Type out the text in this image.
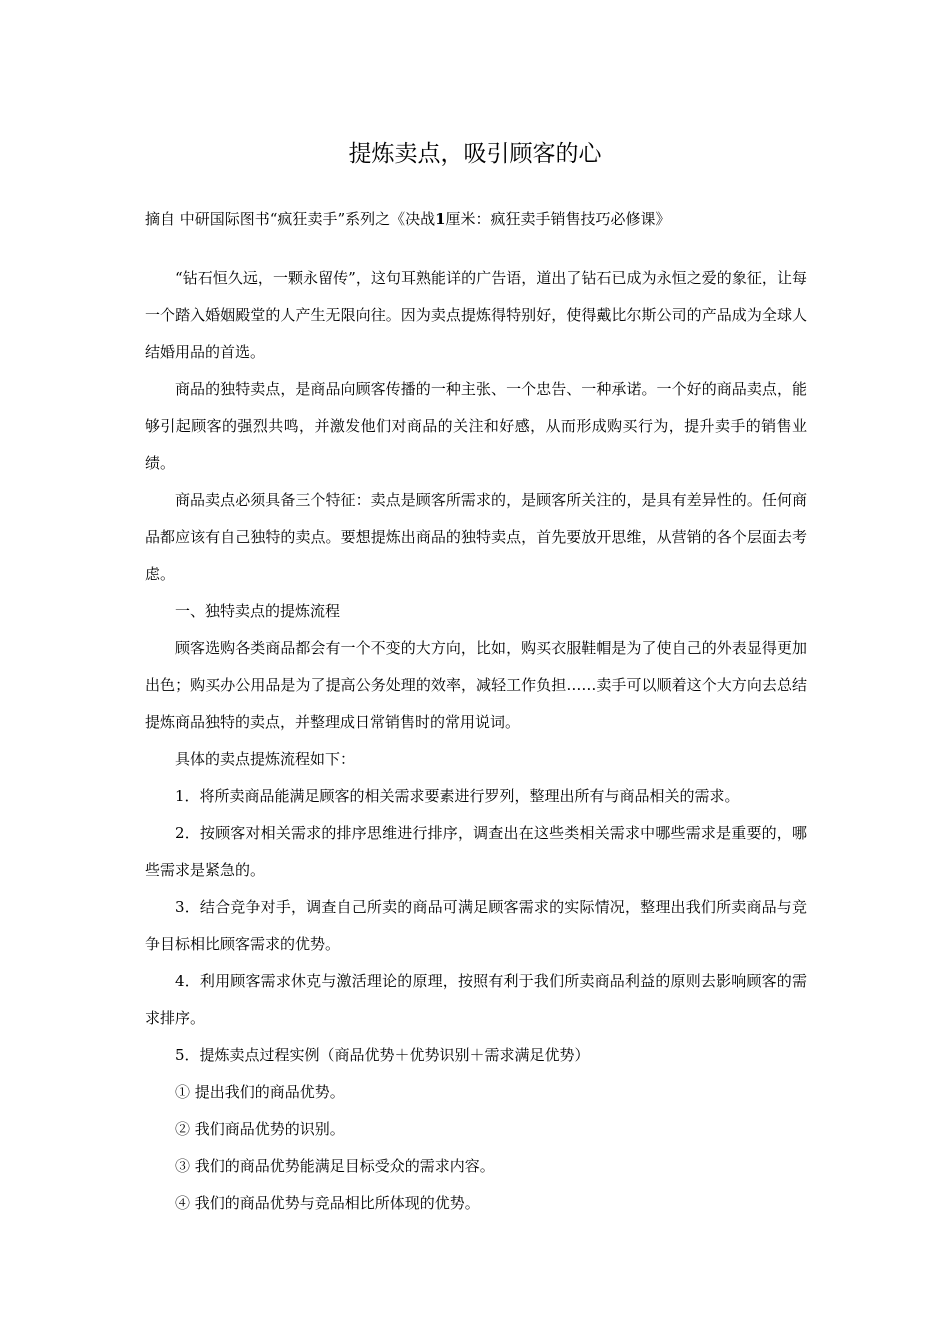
提炼卖点，吸引顾客的心
摘自 中研国际图书“疯狂卖手”系列之《决战1厘米：疯狂卖手销售技巧必修课》

“钻石恒久远，一颗永留传”，这句耳熟能详的广告语，道出了钻石已成为永恒之爱的象征，让每一个踏入婚姻殿堂的人产生无限向往。因为卖点提炼得特别好，使得戴比尔斯公司的产品成为全球人结婚用品的首选。

商品的独特卖点，是商品向顾客传播的一种主张、一个忠告、一种承诺。一个好的商品卖点，能够引起顾客的强烈共鸣，并激发他们对商品的关注和好感，从而形成购买行为，提升卖手的销售业绩。

商品卖点必须具备三个特征：卖点是顾客所需求的，是顾客所关注的，是具有差异性的。任何商品都应该有自己独特的卖点。要想提炼出商品的独特卖点，首先要放开思维，从营销的各个层面去考虑。

一、独特卖点的提炼流程

顾客选购各类商品都会有一个不变的大方向，比如，购买衣服鞋帽是为了使自己的外表显得更加出色；购买办公用品是为了提高公务处理的效率，减轻工作负担……卖手可以顺着这个大方向去总结提炼商品独特的卖点，并整理成日常销售时的常用说词。

具体的卖点提炼流程如下：

1．将所卖商品能满足顾客的相关需求要素进行罗列，整理出所有与商品相关的需求。

2．按顾客对相关需求的排序思维进行排序，调查出在这些类相关需求中哪些需求是重要的，哪些需求是紧急的。

3．结合竞争对手，调查自己所卖的商品可满足顾客需求的实际情况，整理出我们所卖商品与竞争目标相比顾客需求的优势。

4．利用顾客需求休克与激活理论的原理，按照有利于我们所卖商品利益的原则去影响顾客的需求排序。

5．提炼卖点过程实例（商品优势＋优势识别＋需求满足优势）

① 提出我们的商品优势。

② 我们商品优势的识别。

③ 我们的商品优势能满足目标受众的需求内容。

④ 我们的商品优势与竞品相比所体现的优势。
